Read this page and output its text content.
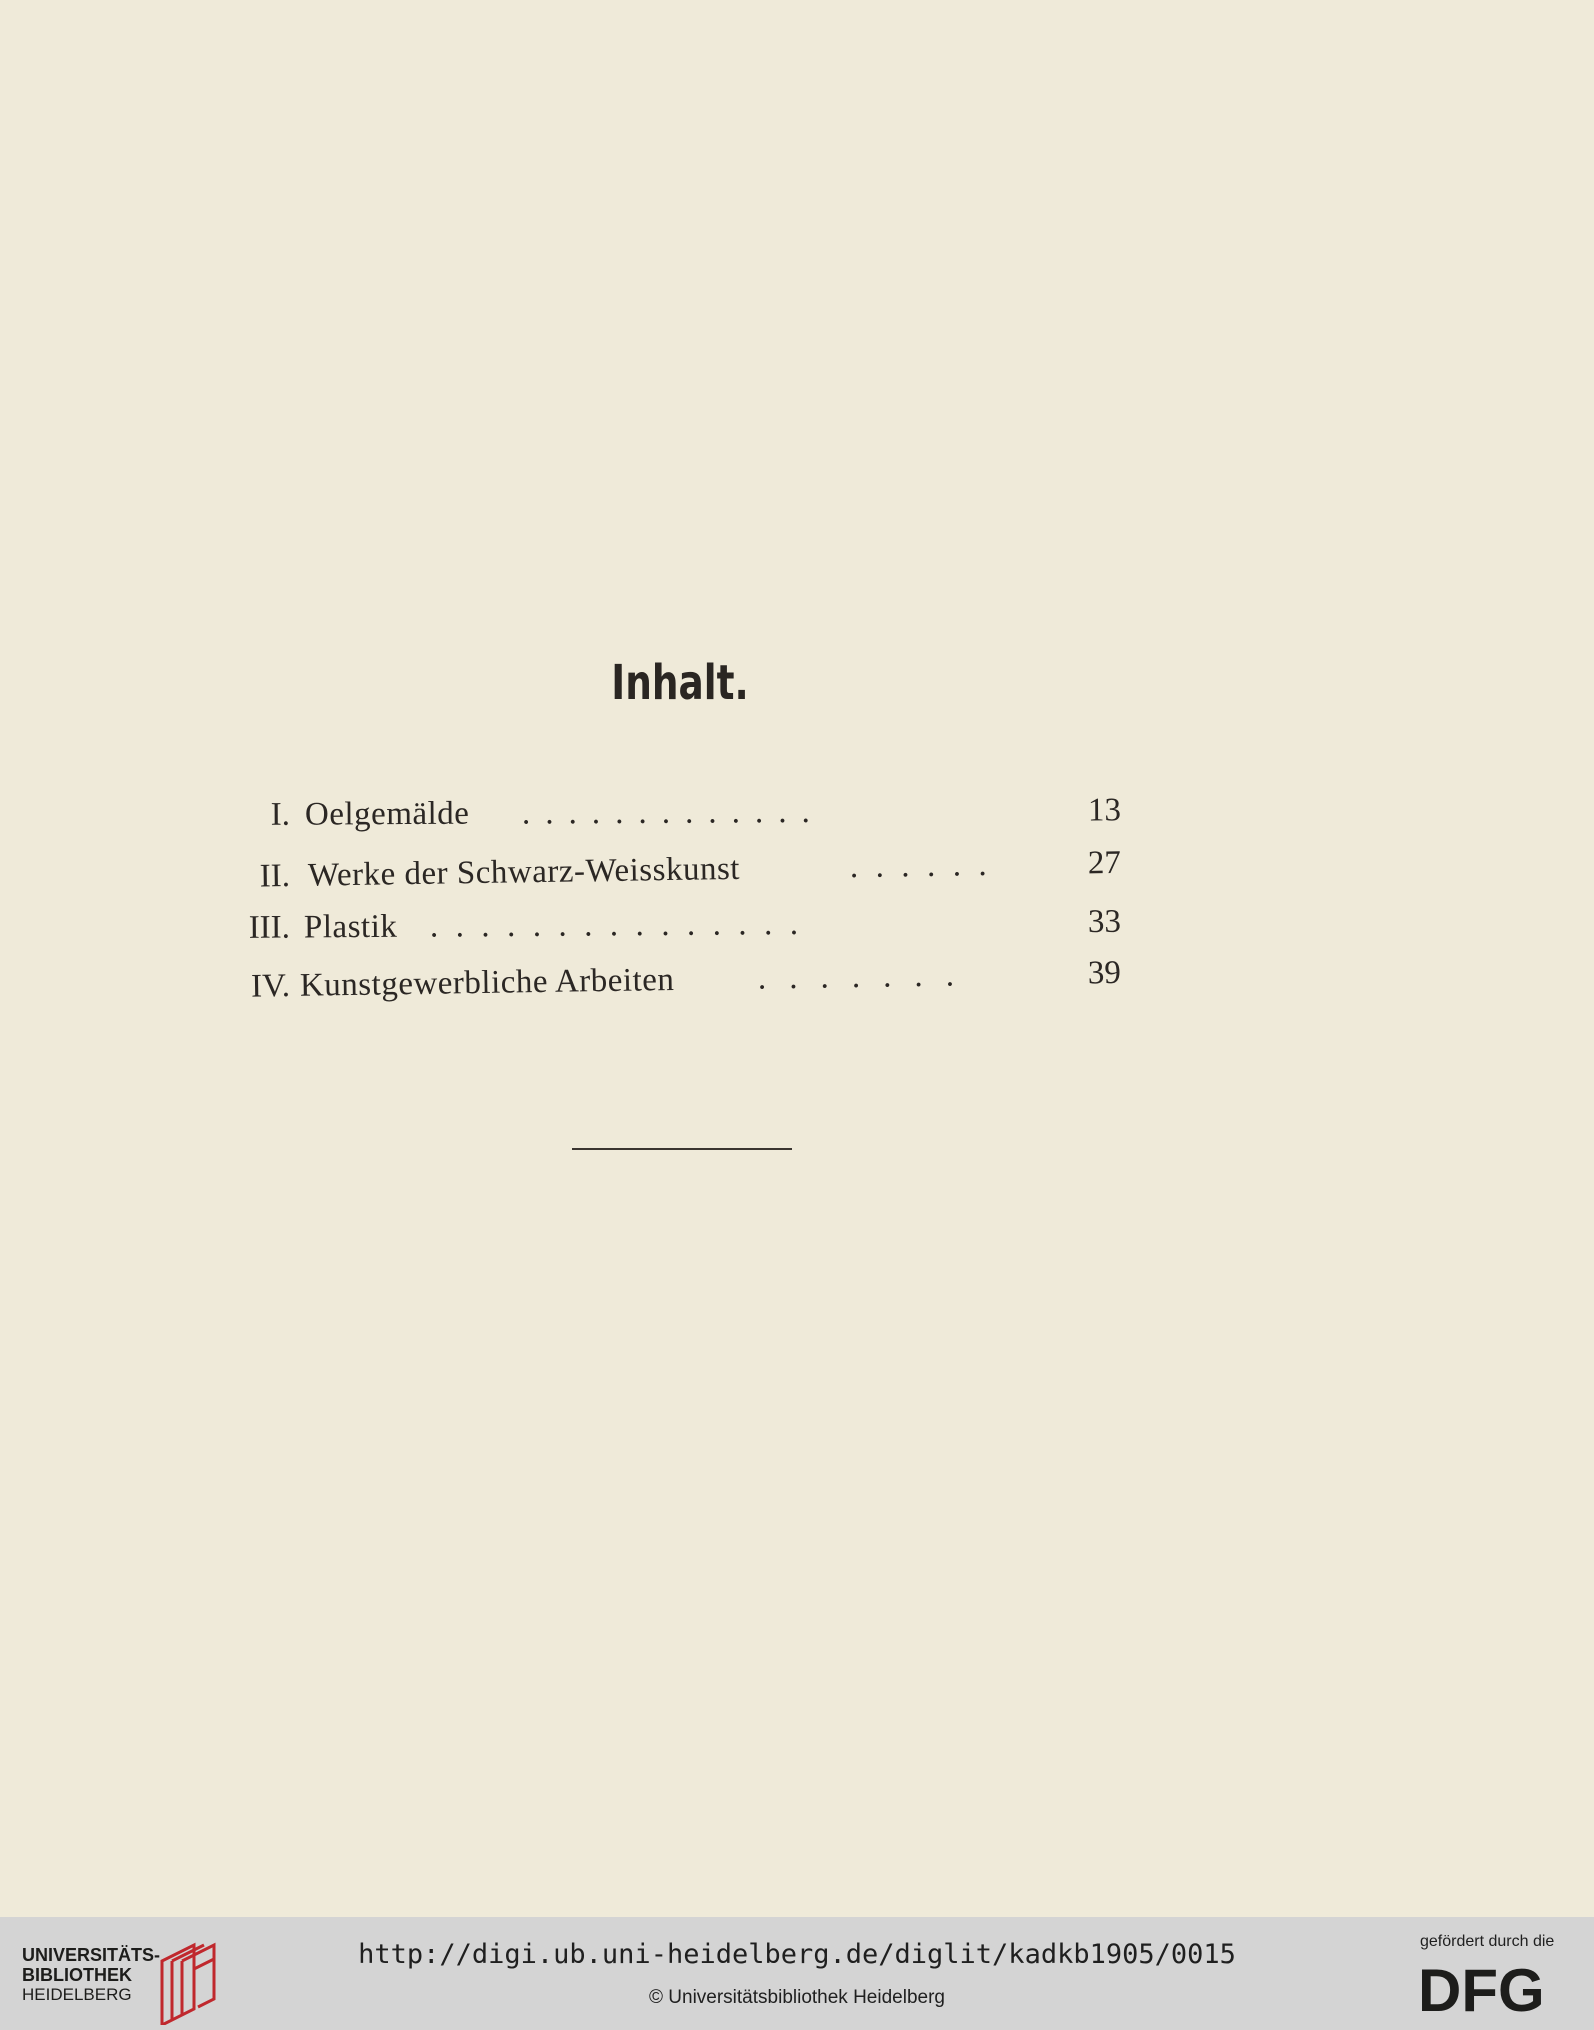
Inhalt.
I. Oelgemälde . . . . . . . . . . . . .	13
II. Werke der Schwarz-Weisskunst	. . . . . .	27
III. Plastik . . . . . . . . . . . . . . .	33
IV. Kunstgewerbliche Arbeiten	. . . . . . .	39
UNIVERSITÄTS-
BIBLIOTHEK
HEIDELBERG
http://digi.ub.uni-heidelberg.de/diglit/kadkb1905/0015
© Universitätsbibliothek Heidelberg
gefördert durch die
DFG
